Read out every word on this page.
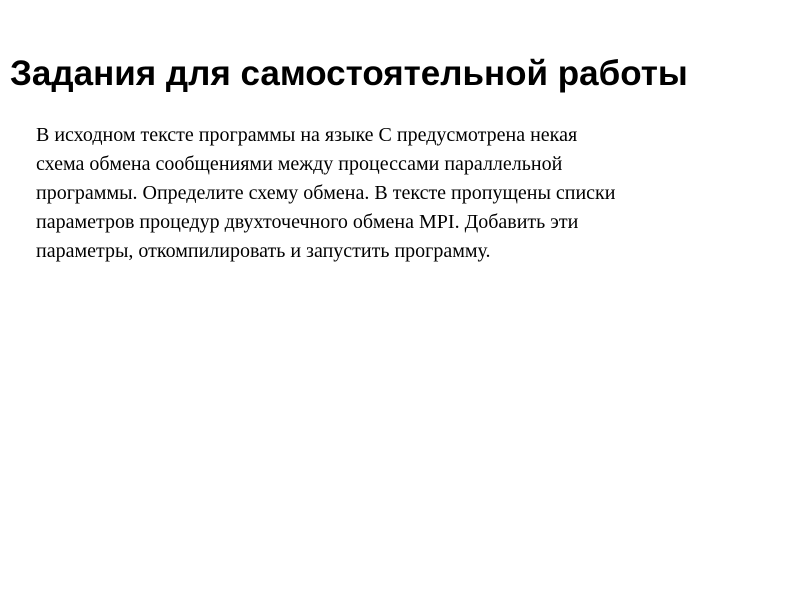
Задания для самостоятельной работы

В исходном тексте программы на языке С предусмотрена некая
схема обмена сообщениями между процессами параллельной
программы. Определите схему обмена. В тексте пропущены списки
параметров процедур двухточечного обмена MPI. Добавить эти
параметры, откомпилировать и запустить программу.
